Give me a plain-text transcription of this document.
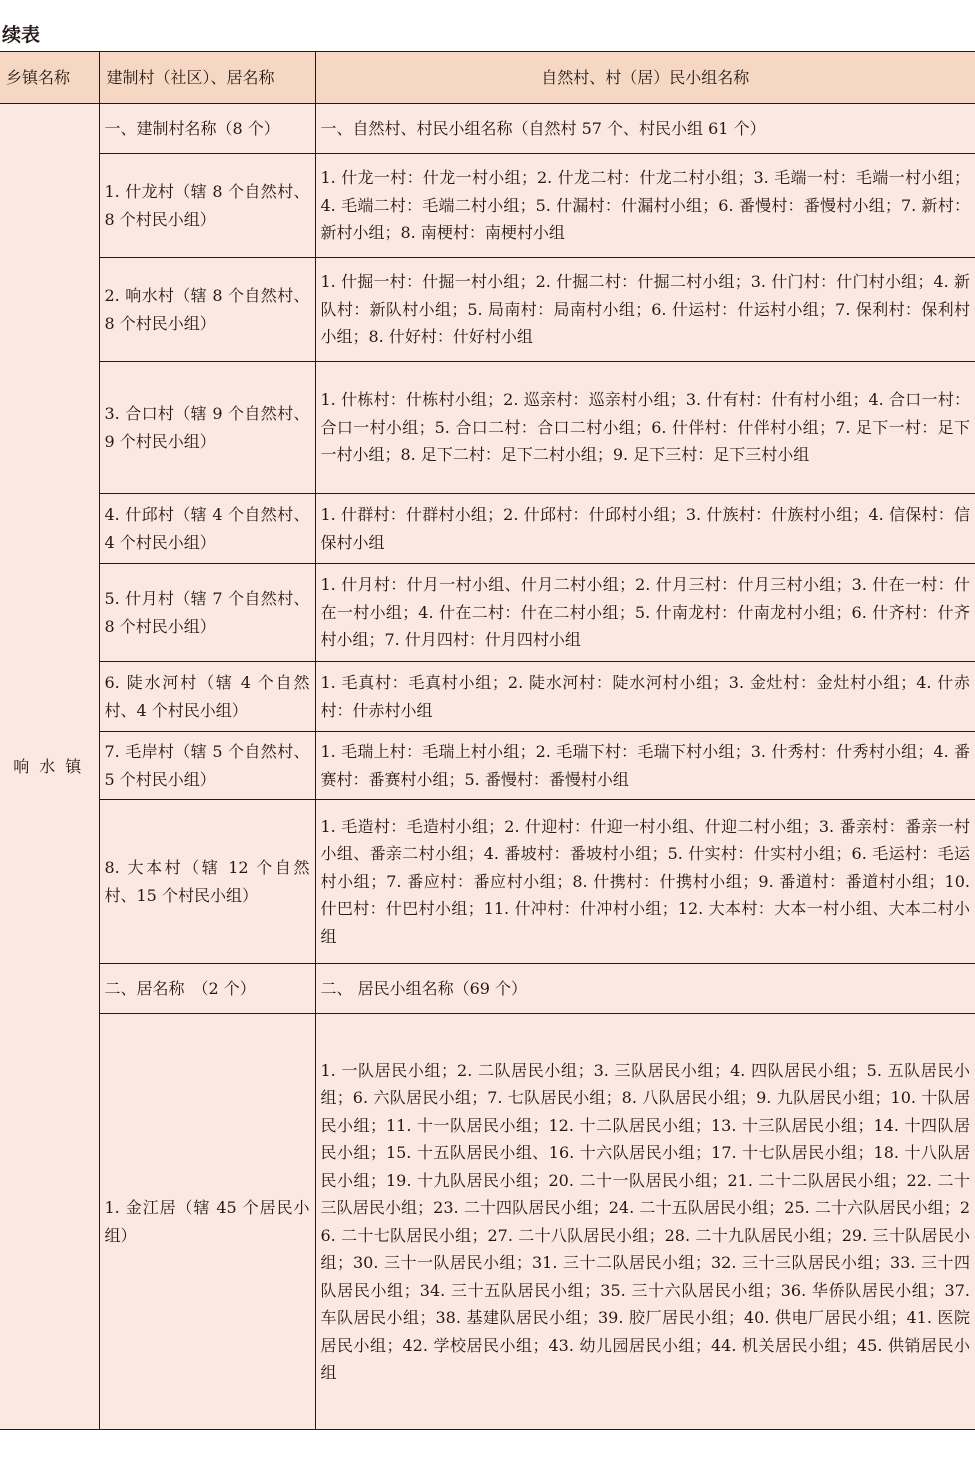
续表
乡镇名称	建制村（社区）、居名称	自然村、村（居）民小组名称
响水镇	一、建制村名称（8 个）	一、自然村、村民小组名称（自然村 57 个、村民小组 61 个）
	1. 什龙村（辖 8 个自然村、8 个村民小组）	1. 什龙一村：什龙一村小组；2. 什龙二村：什龙二村小组；3. 毛端一村：毛端一村小组；4. 毛端二村：毛端二村小组；5. 什漏村：什漏村小组；6. 番慢村：番慢村小组；7. 新村：新村小组；8. 南梗村：南梗村小组
	2. 响水村（辖 8 个自然村、8 个村民小组）	1. 什掘一村：什掘一村小组；2. 什掘二村：什掘二村小组；3. 什门村：什门村小组；4. 新队村：新队村小组；5. 局南村：局南村小组；6. 什运村：什运村小组；7. 保利村：保利村小组；8. 什好村：什好村小组
	3. 合口村（辖 9 个自然村、9 个村民小组）	1. 什栋村：什栋村小组；2. 巡亲村：巡亲村小组；3. 什有村：什有村小组；4. 合口一村：合口一村小组；5. 合口二村：合口二村小组；6. 什伴村：什伴村小组；7. 足下一村：足下一村小组；8. 足下二村：足下二村小组；9. 足下三村：足下三村小组
	4. 什邱村（辖 4 个自然村、4 个村民小组）	1. 什群村：什群村小组；2. 什邱村：什邱村小组；3. 什族村：什族村小组；4. 信保村：信保村小组
	5. 什月村（辖 7 个自然村、8 个村民小组）	1. 什月村：什月一村小组、什月二村小组；2. 什月三村：什月三村小组；3. 什在一村：什在一村小组；4. 什在二村：什在二村小组；5. 什南龙村：什南龙村小组；6. 什齐村：什齐村小组；7. 什月四村：什月四村小组
	6. 陡水河村（辖 4 个自然村、4 个村民小组）	1. 毛真村：毛真村小组；2. 陡水河村：陡水河村小组；3. 金灶村：金灶村小组；4. 什赤村：什赤村小组
	7. 毛岸村（辖 5 个自然村、5 个村民小组）	1. 毛瑞上村：毛瑞上村小组；2. 毛瑞下村：毛瑞下村小组；3. 什秀村：什秀村小组；4. 番赛村：番赛村小组；5. 番慢村：番慢村小组
	8. 大本村（辖 12 个自然村、15 个村民小组）	1. 毛造村：毛造村小组；2. 什迎村：什迎一村小组、什迎二村小组；3. 番亲村：番亲一村小组、番亲二村小组；4. 番坡村：番坡村小组；5. 什实村：什实村小组；6. 毛运村：毛运村小组；7. 番应村：番应村小组；8. 什携村：什携村小组；9. 番道村：番道村小组；10. 什巴村：什巴村小组；11. 什冲村：什冲村小组；12. 大本村：大本一村小组、大本二村小组
	二、居名称　（2 个）	二、 居民小组名称（69 个）
	1. 金江居（辖 45 个居民小组）	1. 一队居民小组；2. 二队居民小组；3. 三队居民小组；4. 四队居民小组；5. 五队居民小组；6. 六队居民小组；7. 七队居民小组；8. 八队居民小组；9. 九队居民小组；10. 十队居民小组；11. 十一队居民小组；12. 十二队居民小组；13. 十三队居民小组；14. 十四队居民小组；15. 十五队居民小组、16. 十六队居民小组；17. 十七队居民小组；18. 十八队居民小组；19. 十九队居民小组；20. 二十一队居民小组；21. 二十二队居民小组；22. 二十三队居民小组；23. 二十四队居民小组；24. 二十五队居民小组；25. 二十六队居民小组；26. 二十七队居民小组；27. 二十八队居民小组；28. 二十九队居民小组；29. 三十队居民小组；30. 三十一队居民小组；31. 三十二队居民小组；32. 三十三队居民小组；33. 三十四队居民小组；34. 三十五队居民小组；35. 三十六队居民小组；36. 华侨队居民小组；37. 车队居民小组；38. 基建队居民小组；39. 胶厂居民小组；40. 供电厂居民小组；41. 医院居民小组；42. 学校居民小组；43. 幼儿园居民小组；44. 机关居民小组；45. 供销居民小组
